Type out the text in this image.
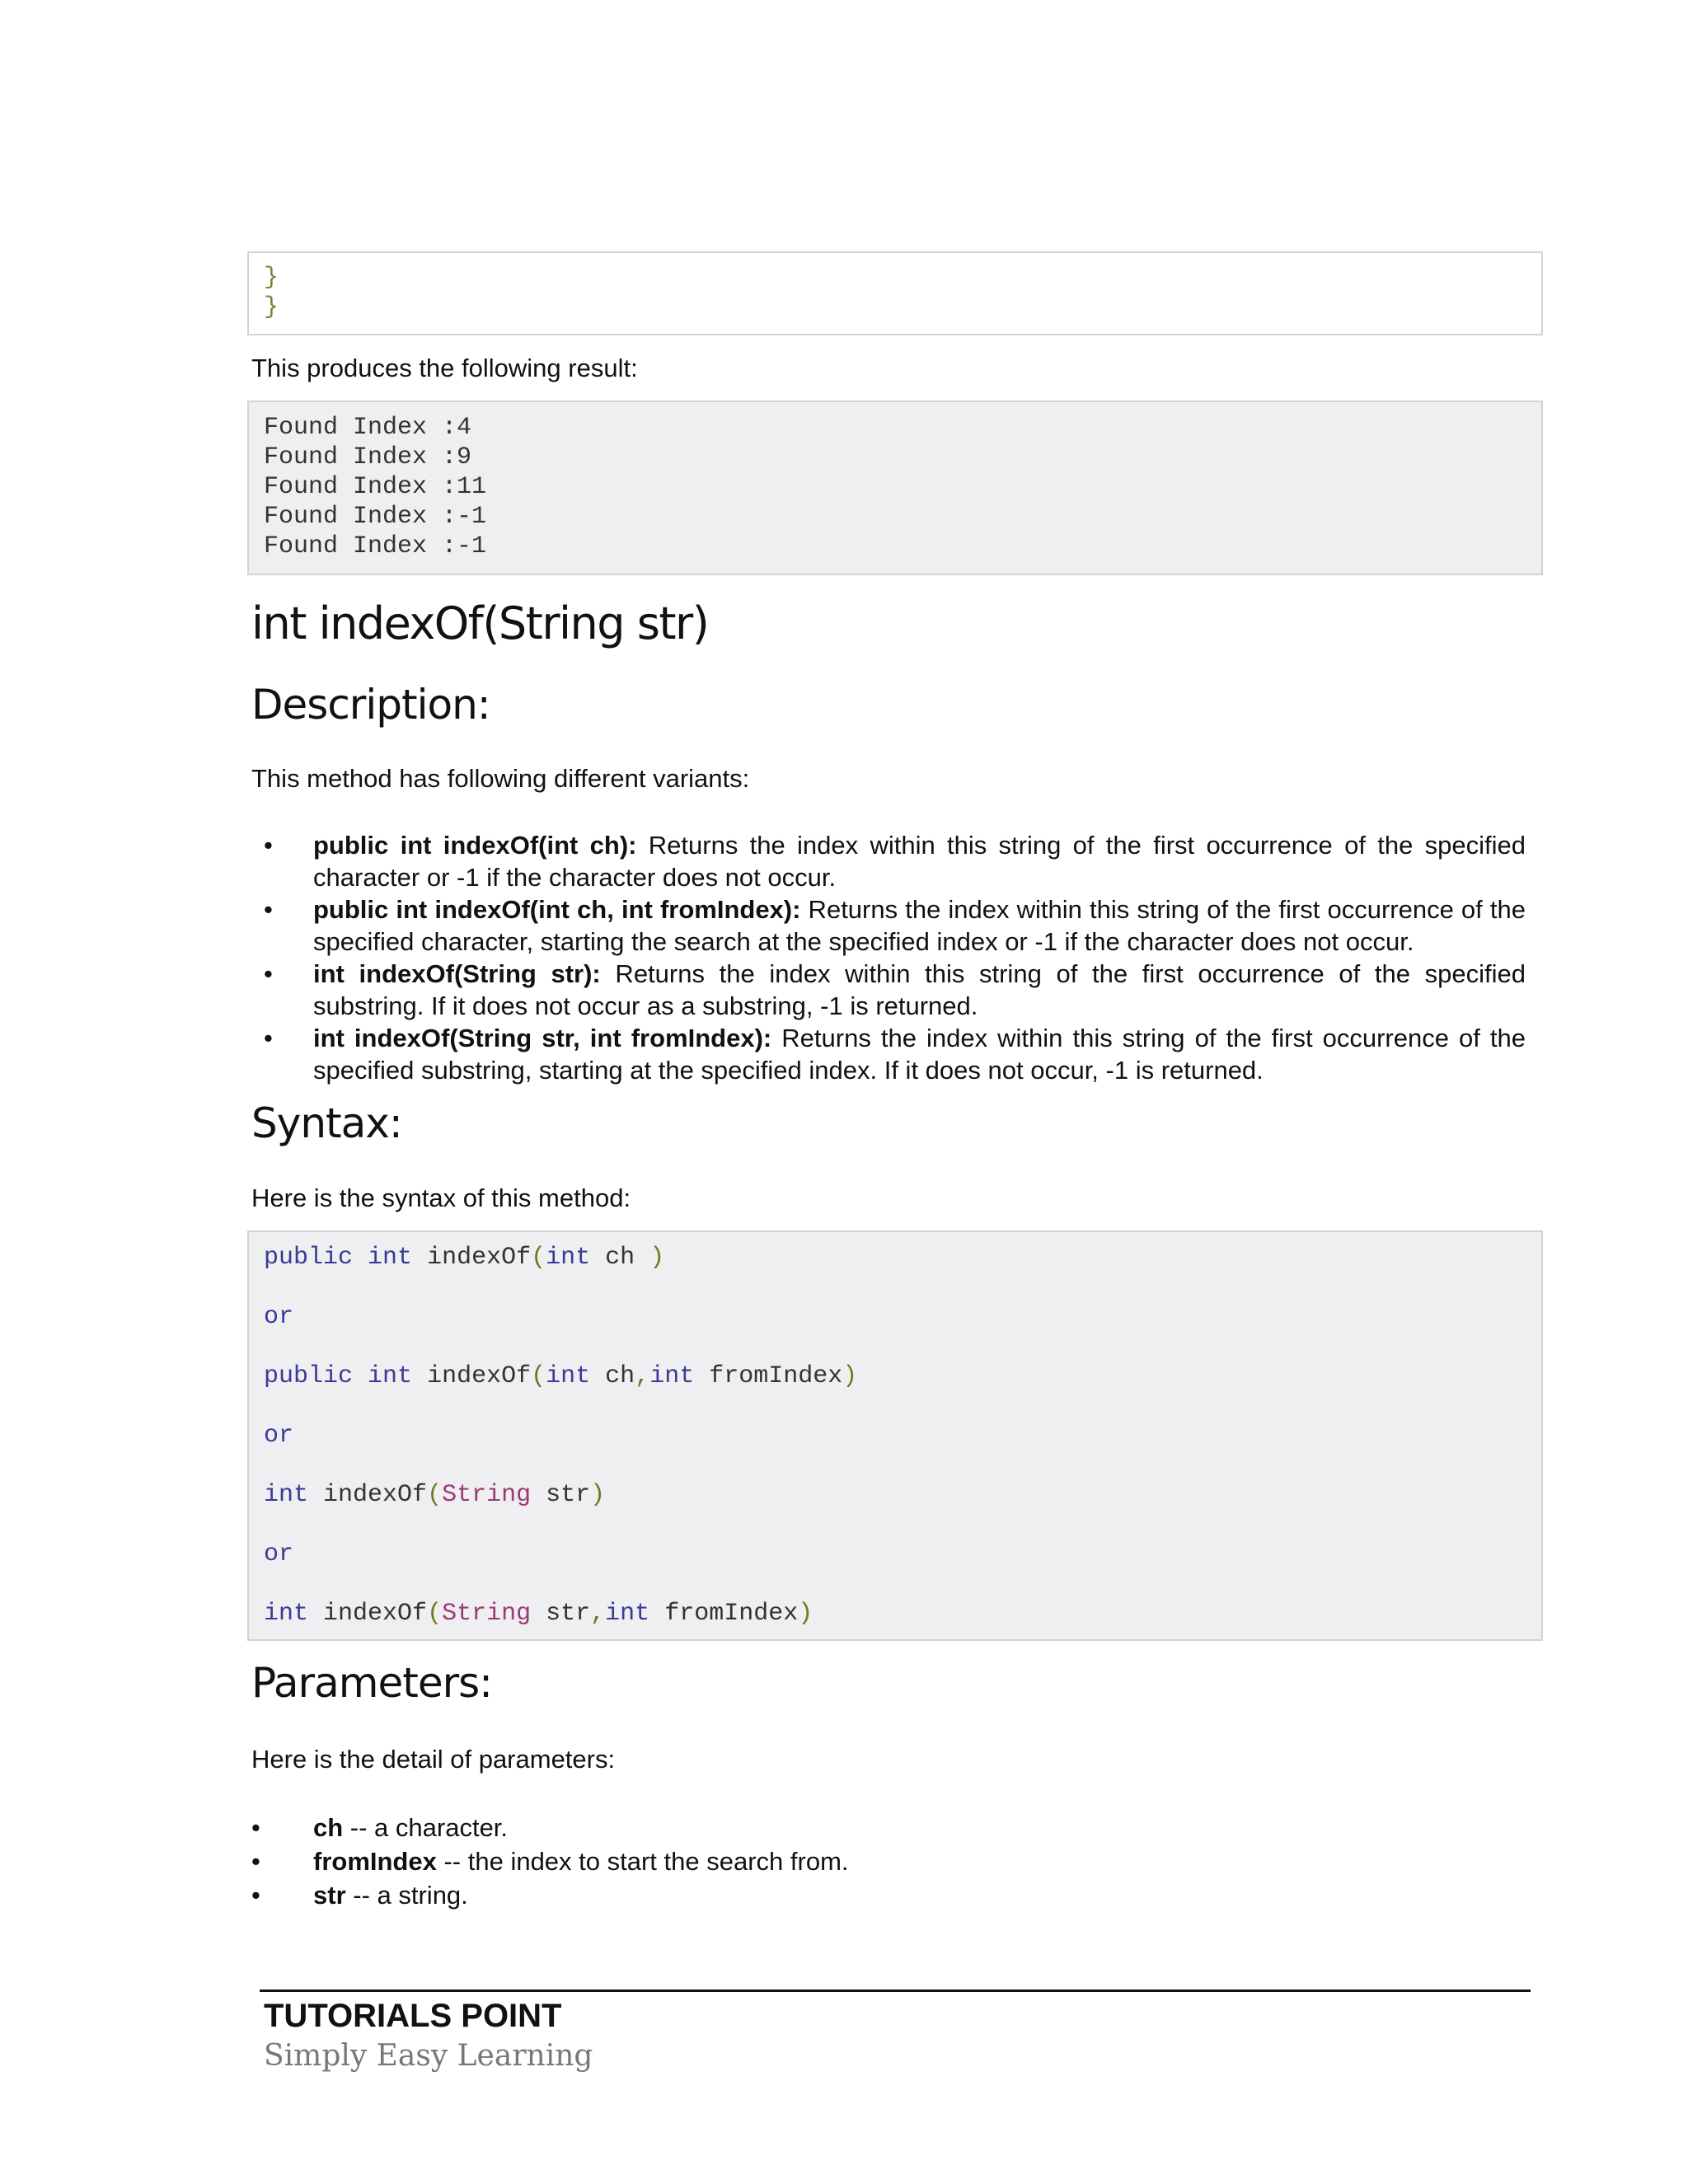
}
}
This produces the following result:
Found Index :4
Found Index :9
Found Index :11
Found Index :-1
Found Index :-1
int indexOf(String str)
Description:
This method has following different variants:
• public int indexOf(int ch): Returns the index within this string of the first occurrence of the specified character or -1 if the character does not occur.
• public int indexOf(int ch, int fromIndex): Returns the index within this string of the first occurrence of the specified character, starting the search at the specified index or -1 if the character does not occur.
• int indexOf(String str): Returns the index within this string of the first occurrence of the specified substring. If it does not occur as a substring, -1 is returned.
• int indexOf(String str, int fromIndex): Returns the index within this string of the first occurrence of the specified substring, starting at the specified index. If it does not occur, -1 is returned.
Syntax:
Here is the syntax of this method:
public int indexOf(int ch )
or
public int indexOf(int ch,int fromIndex)
or
int indexOf(String str)
or
int indexOf(String str,int fromIndex)
Parameters:
Here is the detail of parameters:
• ch -- a character.
• fromIndex -- the index to start the search from.
• str -- a string.
TUTORIALS POINT
Simply Easy Learning
